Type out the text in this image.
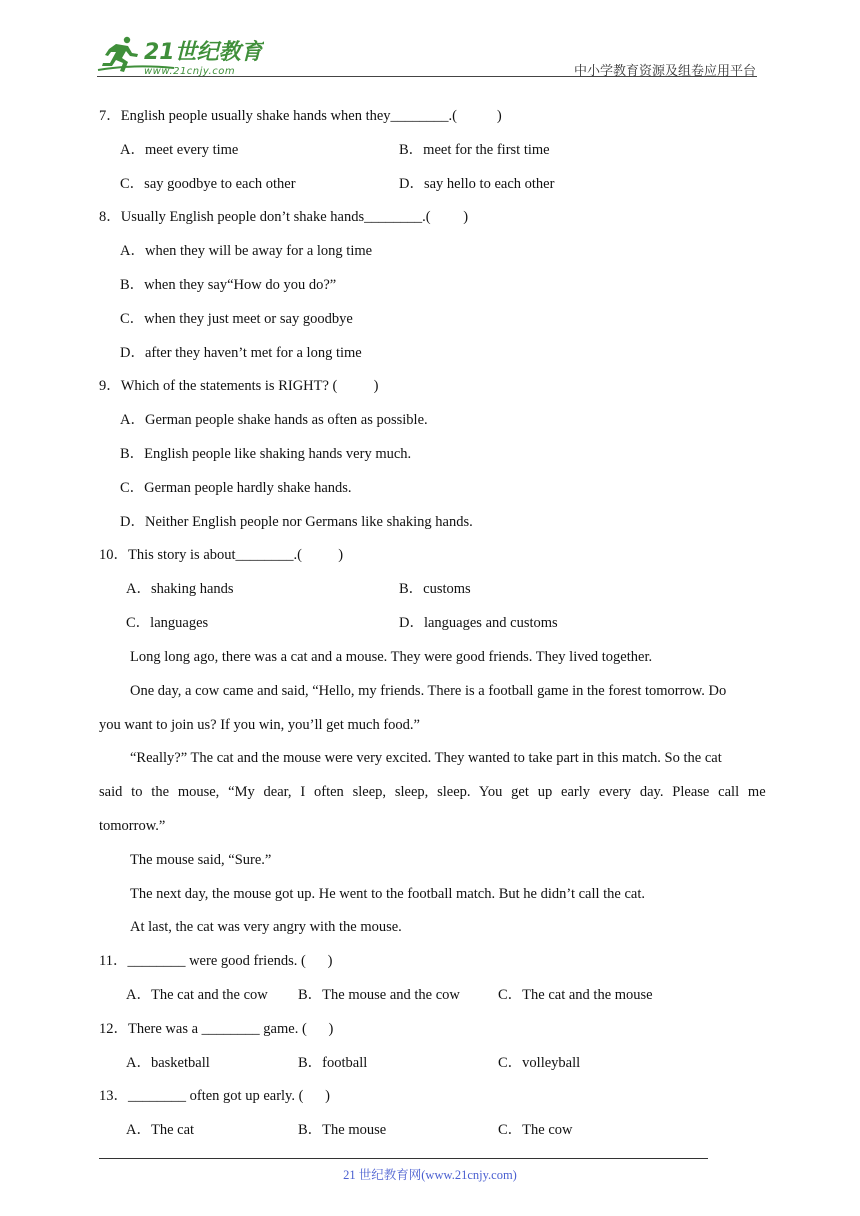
21世纪教育
www.21cnjy.com	中小学教育资源及组卷应用平台
7．English people usually shake hands when they________.(           )
A．meet every time	B．meet for the first time
C．say goodbye to each other	D．say hello to each other
8．Usually English people don’t shake hands________.(         )
A．when they will be away for a long time
B．when they say“How do you do?”
C．when they just meet or say goodbye
D．after they haven’t met for a long time
9．Which of the statements is RIGHT? (          )
A．German people shake hands as often as possible.
B．English people like shaking hands very much.
C．German people hardly shake hands.
D．Neither English people nor Germans like shaking hands.
10．This story is about________.(          )
A．shaking hands	B．customs
C．languages	D．languages and customs
Long long ago, there was a cat and a mouse. They were good friends. They lived together.
One day, a cow came and said, “Hello, my friends. There is a football game in the forest tomorrow. Do
you want to join us? If you win, you’ll get much food.”
“Really?” The cat and the mouse were very excited. They wanted to take part in this match. So the cat
said to the mouse, “My dear, I often sleep, sleep, sleep. You get up early every day. Please call me
tomorrow.”
The mouse said, “Sure.”
The next day, the mouse got up. He went to the football match. But he didn’t call the cat.
At last, the cat was very angry with the mouse.
11．________ were good friends. (      )
A．The cat and the cow B．The mouse and the cow	C．The cat and the mouse
12．There was a ________ game. (      )
A．basketball	B．football	C．volleyball
13．________ often got up early. (      )
A．The cat	B．The mouse	C．The cow
21 世纪教育网(www.21cnjy.com)
